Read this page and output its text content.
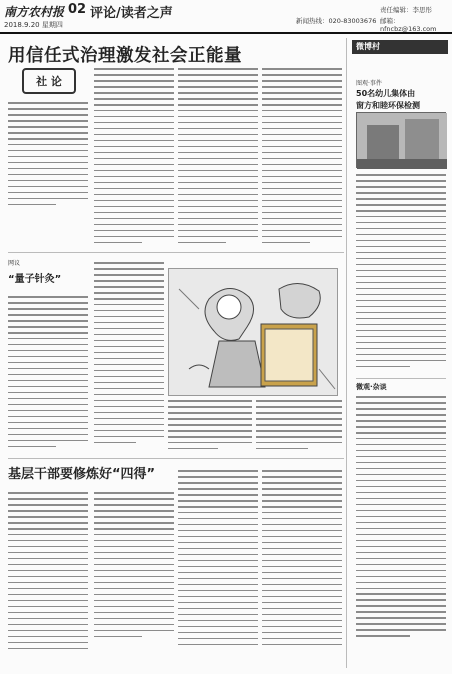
南方农村报 02 评论/读者之声
2018.9.20 星期四	新闻热线：020-83003676
责任编辑：李思彤
邮箱：nfncbz@163.com
用信任式治理激发社会正能量
社 论
网议
“量子针灸”
基层干部要修炼好“四得”
微博村
图观·事件
50名幼儿集体由
窗方和睦环保检测
微观·杂谈
